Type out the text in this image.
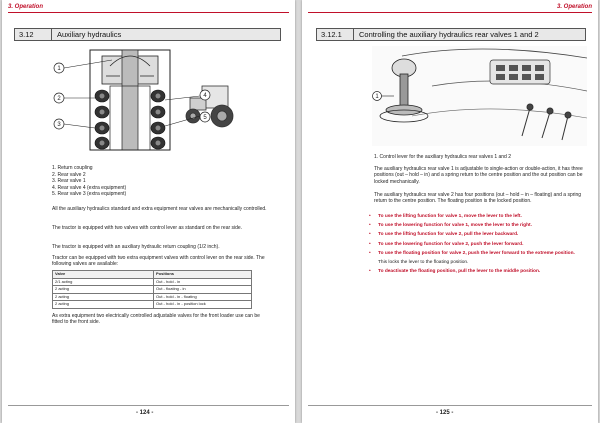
3. Operation
3.12	Auxiliary hydraulics
1
2
3
4
5
1. Return coupling
2. Rear valve 2
3. Rear valve 1
4. Rear valve 4 (extra equipment)
5. Rear valve 3 (extra equipment)

All the auxiliary hydraulics standard and extra equipment rear valves are mechanically controlled.

The tractor is equipped with two valves with control lever as standard on the rear side.

The tractor is equipped with an auxiliary hydraulic return coupling (1/2 inch).

Tractor can be equipped with two extra equipment valves with control lever on the rear side. The following valves are available:

Valve	Positions
2/1 acting	Out - hold - in
2 acting	Out - floating - in
2 acting	Out - hold - in - floating
2 acting	Out - hold - in - position lock

As extra equipment two electrically controlled adjustable valves for the front loader use can be fitted to the front side.

- 124 -
3. Operation
3.12.1 Controlling the auxiliary hydraulics rear valves 1 and 2
1

1. Control lever for the auxiliary hydraulics rear valves 1 and 2

The auxiliary hydraulics rear valve 1 is adjustable to single-action or double-action, it has three positions (out – hold – in) and a spring return to the centre position and the out position can be locked mechanically.

The auxiliary hydraulics rear valve 2 has four positions (out – hold – in – floating) and a spring return to the centre position. The floating position is the locked position.

• To use the lifting function for valve 1, move the lever to the left.
• To use the lowering function for valve 1, move the lever to the right.
• To use the lifting function for valve 2, pull the lever backward.
• To use the lowering function for valve 2, push the lever forward.
• To use the floating position for valve 2, push the lever forward to the extreme position.
This locks the lever to the floating position.
• To deactivate the floating position, pull the lever to the middle position.
- 125 -
